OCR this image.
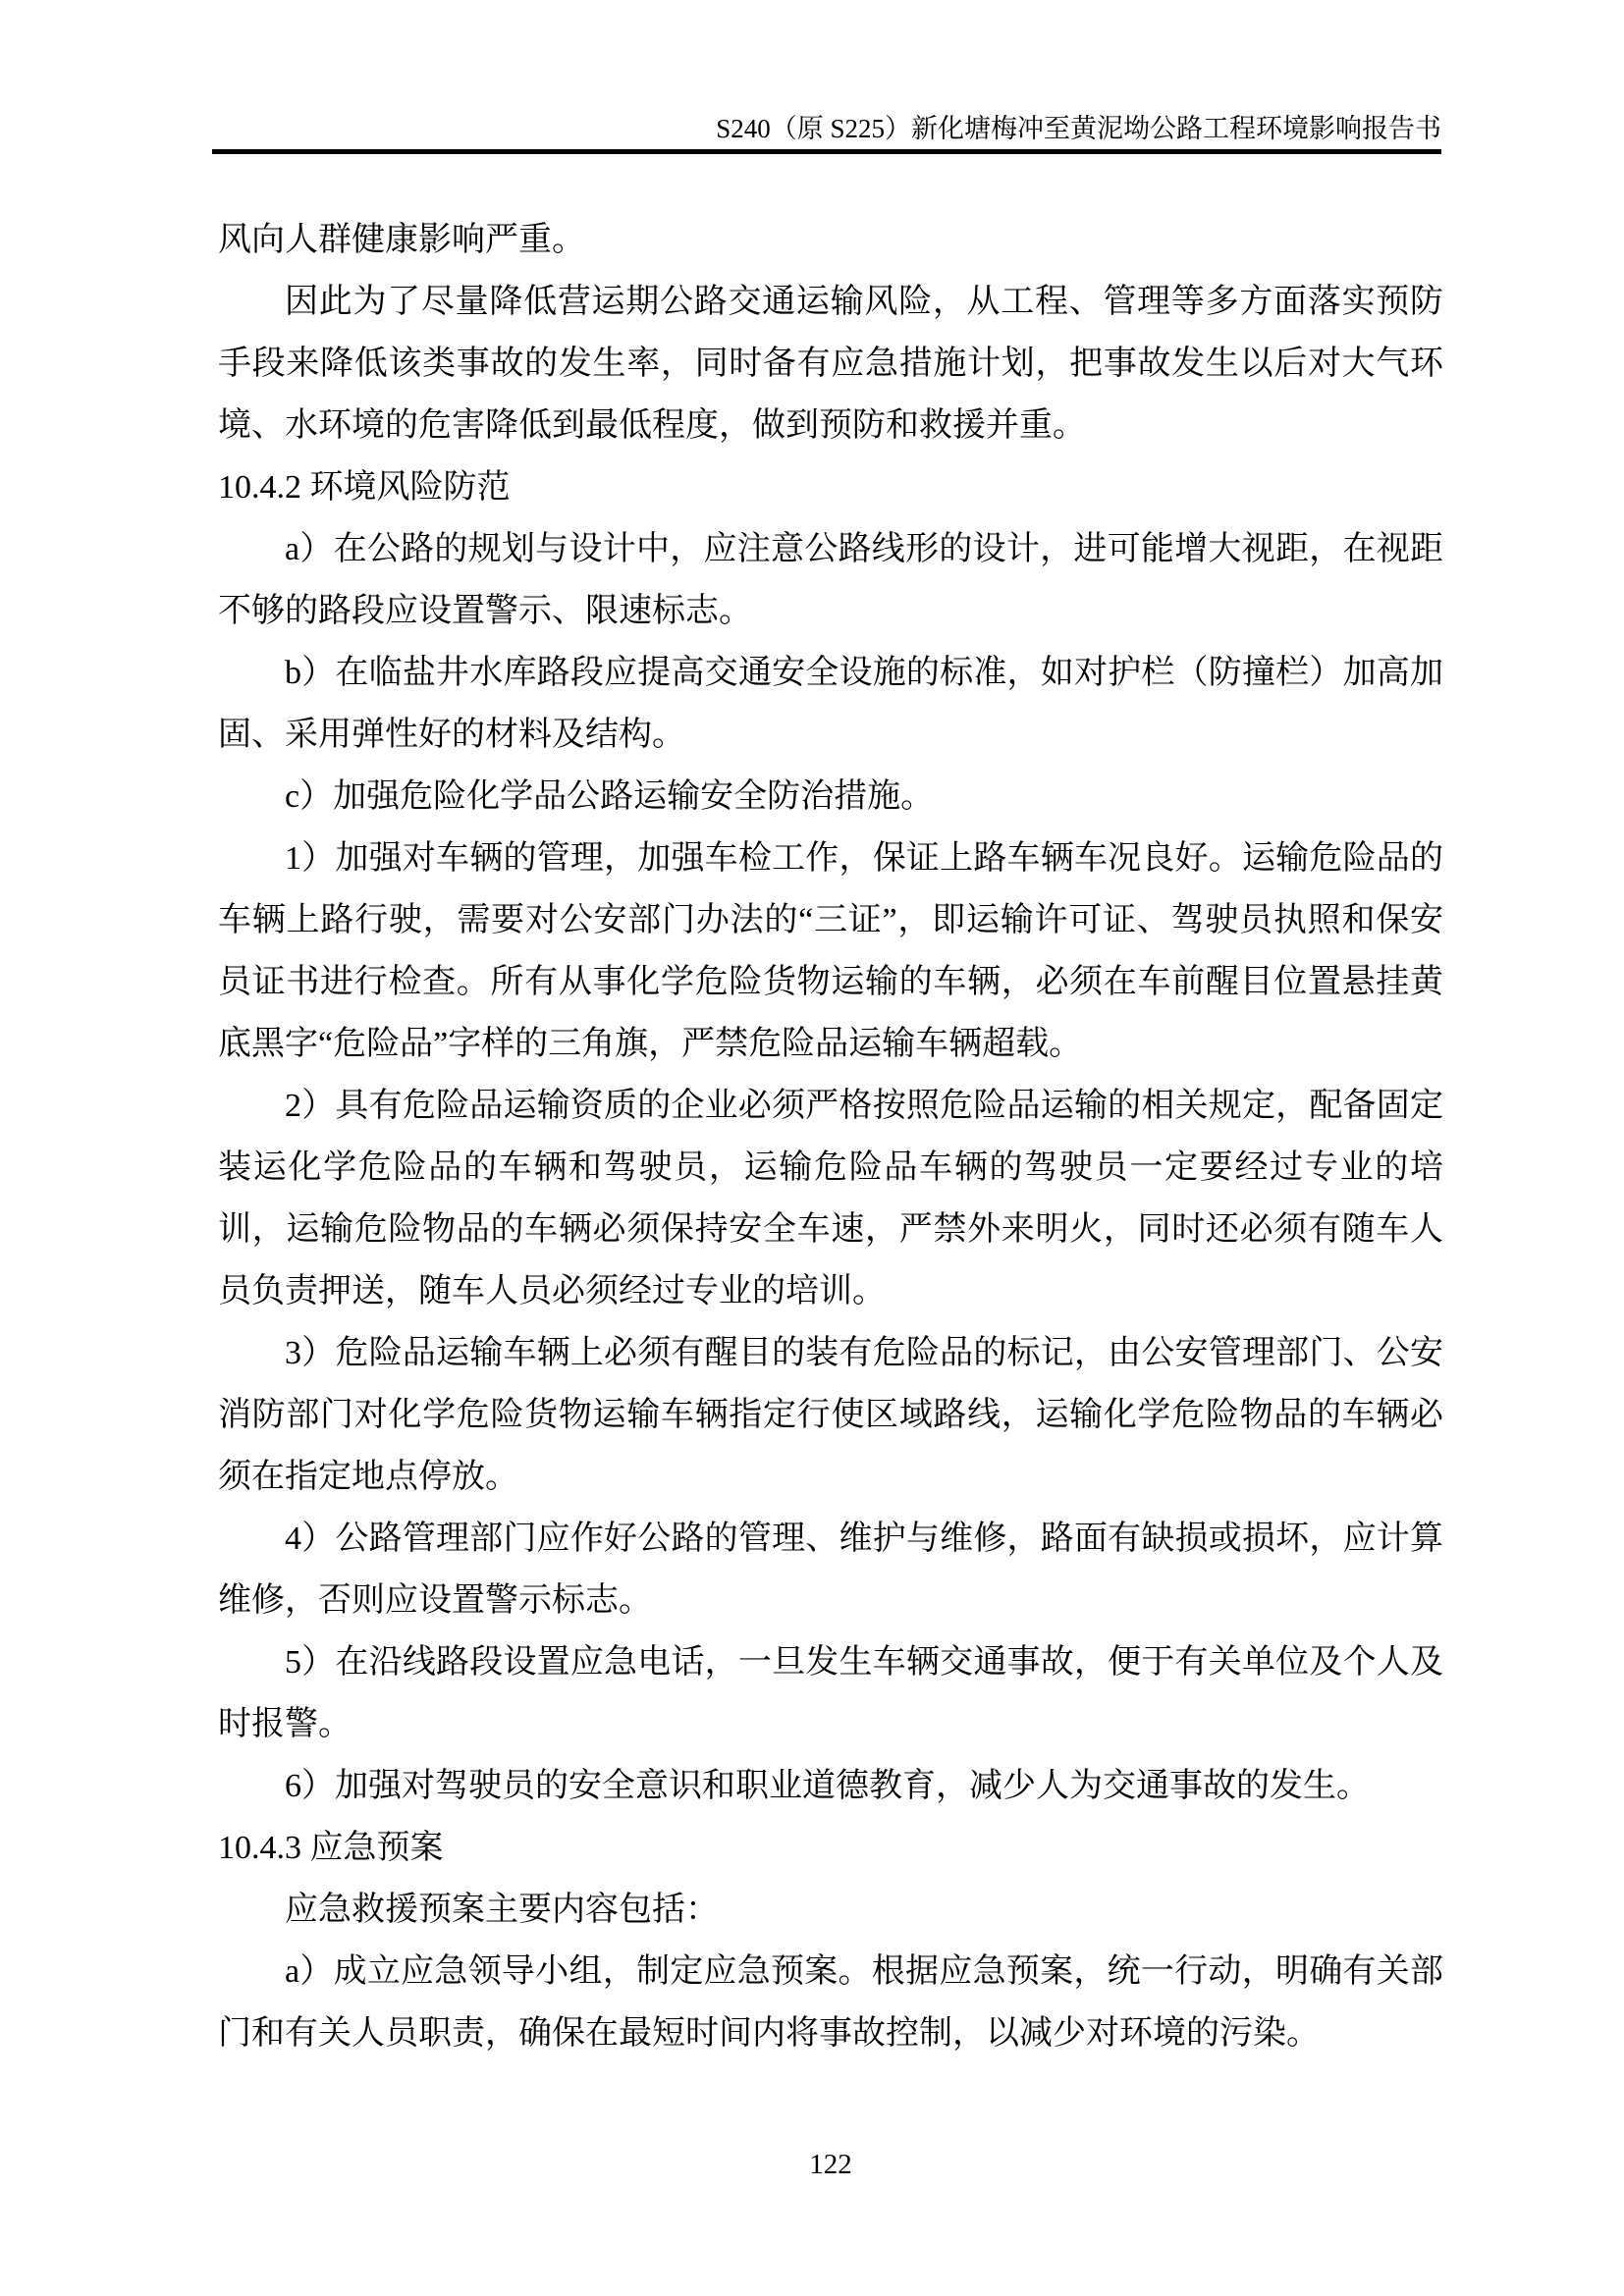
S240（原 S225）新化塘梅冲至黄泥坳公路工程环境影响报告书

风向人群健康影响严重。

因此为了尽量降低营运期公路交通运输风险，从工程、管理等多方面落实预防手段来降低该类事故的发生率，同时备有应急措施计划，把事故发生以后对大气环境、水环境的危害降低到最低程度，做到预防和救援并重。

10.4.2 环境风险防范

a）在公路的规划与设计中，应注意公路线形的设计，进可能增大视距，在视距不够的路段应设置警示、限速标志。

b）在临盐井水库路段应提高交通安全设施的标准，如对护栏（防撞栏）加高加固、采用弹性好的材料及结构。

c）加强危险化学品公路运输安全防治措施。

1）加强对车辆的管理，加强车检工作，保证上路车辆车况良好。运输危险品的车辆上路行驶，需要对公安部门办法的“三证”，即运输许可证、驾驶员执照和保安员证书进行检查。所有从事化学危险货物运输的车辆，必须在车前醒目位置悬挂黄底黑字“危险品”字样的三角旗，严禁危险品运输车辆超载。

2）具有危险品运输资质的企业必须严格按照危险品运输的相关规定，配备固定装运化学危险品的车辆和驾驶员，运输危险品车辆的驾驶员一定要经过专业的培训，运输危险物品的车辆必须保持安全车速，严禁外来明火，同时还必须有随车人员负责押送，随车人员必须经过专业的培训。

3）危险品运输车辆上必须有醒目的装有危险品的标记，由公安管理部门、公安消防部门对化学危险货物运输车辆指定行使区域路线，运输化学危险物品的车辆必须在指定地点停放。

4）公路管理部门应作好公路的管理、维护与维修，路面有缺损或损坏，应计算维修，否则应设置警示标志。

5）在沿线路段设置应急电话，一旦发生车辆交通事故，便于有关单位及个人及时报警。

6）加强对驾驶员的安全意识和职业道德教育，减少人为交通事故的发生。

10.4.3 应急预案

应急救援预案主要内容包括：

a）成立应急领导小组，制定应急预案。根据应急预案，统一行动，明确有关部门和有关人员职责，确保在最短时间内将事故控制，以减少对环境的污染。

122
